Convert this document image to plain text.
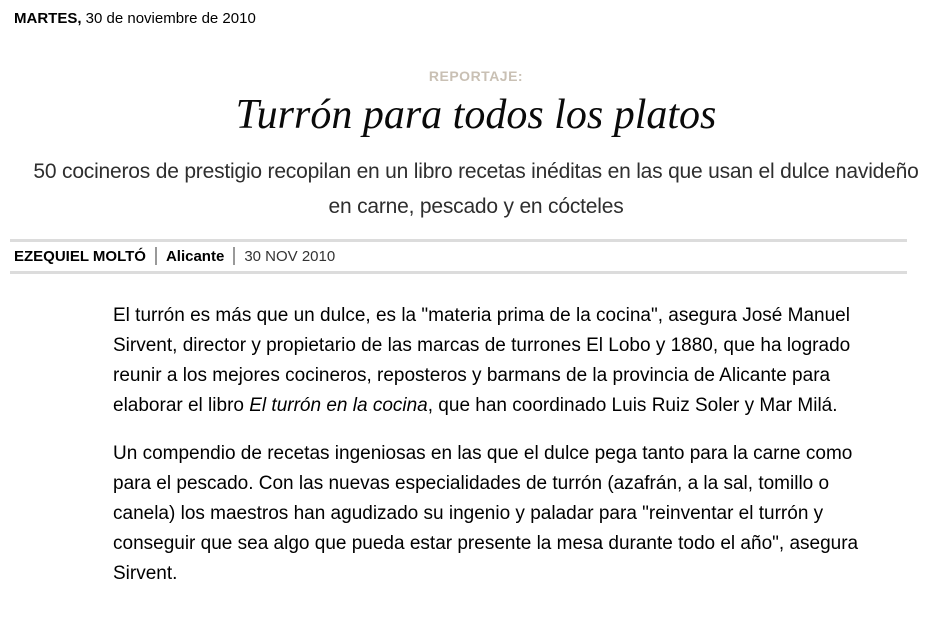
MARTES, 30 de noviembre de 2010
REPORTAJE:
Turrón para todos los platos
50 cocineros de prestigio recopilan en un libro recetas inéditas en las que usan el dulce navideño en carne, pescado y en cócteles
EZEQUIEL MOLTÓ Alicante 30 NOV 2010

El turrón es más que un dulce, es la "materia prima de la cocina", asegura José Manuel Sirvent, director y propietario de las marcas de turrones El Lobo y 1880, que ha logrado reunir a los mejores cocineros, reposteros y barmans de la provincia de Alicante para elaborar el libro El turrón en la cocina, que han coordinado Luis Ruiz Soler y Mar Milá.

Un compendio de recetas ingeniosas en las que el dulce pega tanto para la carne como para el pescado. Con las nuevas especialidades de turrón (azafrán, a la sal, tomillo o canela) los maestros han agudizado su ingenio y paladar para "reinventar el turrón y conseguir que sea algo que pueda estar presente la mesa durante todo el año", asegura Sirvent.
